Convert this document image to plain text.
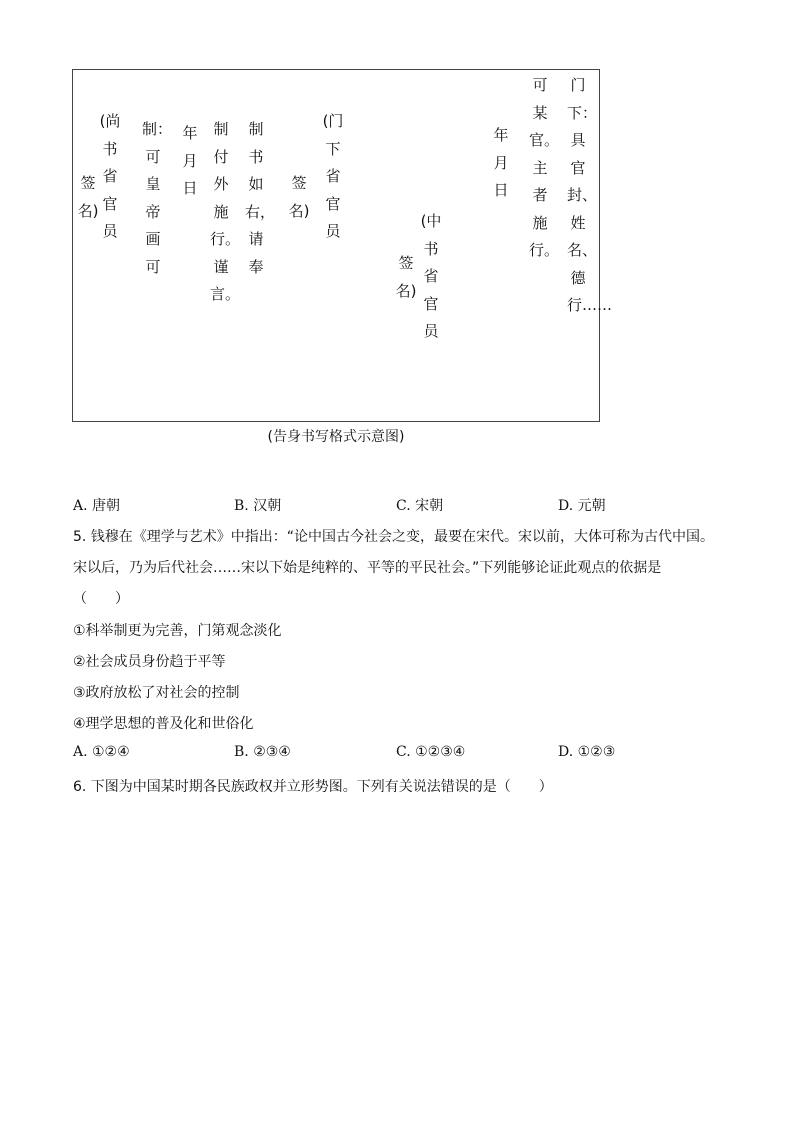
门下：具官封、姓名、德行……
可某官。主者施行。
年月日
(中书省官员
签名)
(门下省官员
签名)
制书如右，请奉
制付外施行。谨言。
年月日
制：可皇帝画可
(尚书省官员
签名)
(告身书写格式示意图)
A. 唐朝	B. 汉朝	C. 宋朝	D. 元朝
5. 钱穆在《理学与艺术》中指出：“论中国古今社会之变，最要在宋代。宋以前，大体可称为古代中国。
宋以后，乃为后代社会……宋以下始是纯粹的、平等的平民社会。”下列能够论证此观点的依据是
（　　）
①科举制更为完善，门第观念淡化
②社会成员身份趋于平等
③政府放松了对社会的控制
④理学思想的普及化和世俗化
A. ①②④	B. ②③④	C. ①②③④	D. ①②③
6. 下图为中国某时期各民族政权并立形势图。下列有关说法错误的是（　　）
